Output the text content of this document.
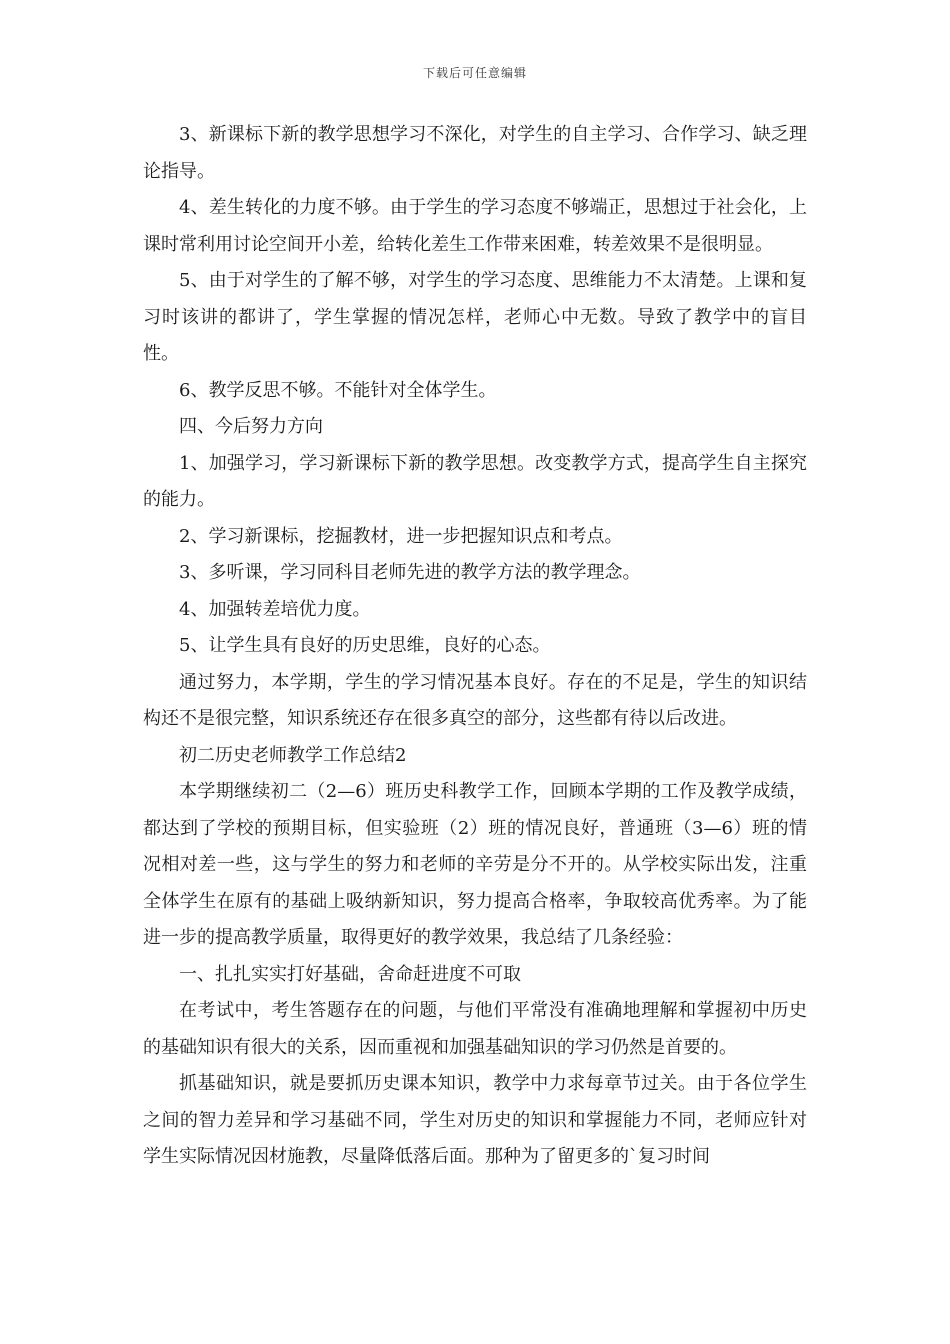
下载后可任意编辑

3、新课标下新的教学思想学习不深化，对学生的自主学习、合作学习、缺乏理论指导。

4、差生转化的力度不够。由于学生的学习态度不够端正，思想过于社会化，上课时常利用讨论空间开小差，给转化差生工作带来困难，转差效果不是很明显。

5、由于对学生的了解不够，对学生的学习态度、思维能力不太清楚。上课和复习时该讲的都讲了，学生掌握的情况怎样，老师心中无数。导致了教学中的盲目性。

6、教学反思不够。不能针对全体学生。

四、今后努力方向

1、加强学习，学习新课标下新的教学思想。改变教学方式，提高学生自主探究的能力。

2、学习新课标，挖掘教材，进一步把握知识点和考点。

3、多听课，学习同科目老师先进的教学方法的教学理念。

4、加强转差培优力度。

5、让学生具有良好的历史思维，良好的心态。

通过努力，本学期，学生的学习情况基本良好。存在的不足是，学生的知识结构还不是很完整，知识系统还存在很多真空的部分，这些都有待以后改进。

初二历史老师教学工作总结2

本学期继续初二（2—6）班历史科教学工作，回顾本学期的工作及教学成绩，都达到了学校的预期目标，但实验班（2）班的情况良好，普通班（3—6）班的情况相对差一些，这与学生的努力和老师的辛劳是分不开的。从学校实际出发，注重全体学生在原有的基础上吸纳新知识，努力提高合格率，争取较高优秀率。为了能进一步的提高教学质量，取得更好的教学效果，我总结了几条经验：

一、扎扎实实打好基础，舍命赶进度不可取

在考试中，考生答题存在的问题，与他们平常没有准确地理解和掌握初中历史的基础知识有很大的关系，因而重视和加强基础知识的学习仍然是首要的。

抓基础知识，就是要抓历史课本知识，教学中力求每章节过关。由于各位学生之间的智力差异和学习基础不同，学生对历史的知识和掌握能力不同，老师应针对学生实际情况因材施教，尽量降低落后面。那种为了留更多的`复习时间
